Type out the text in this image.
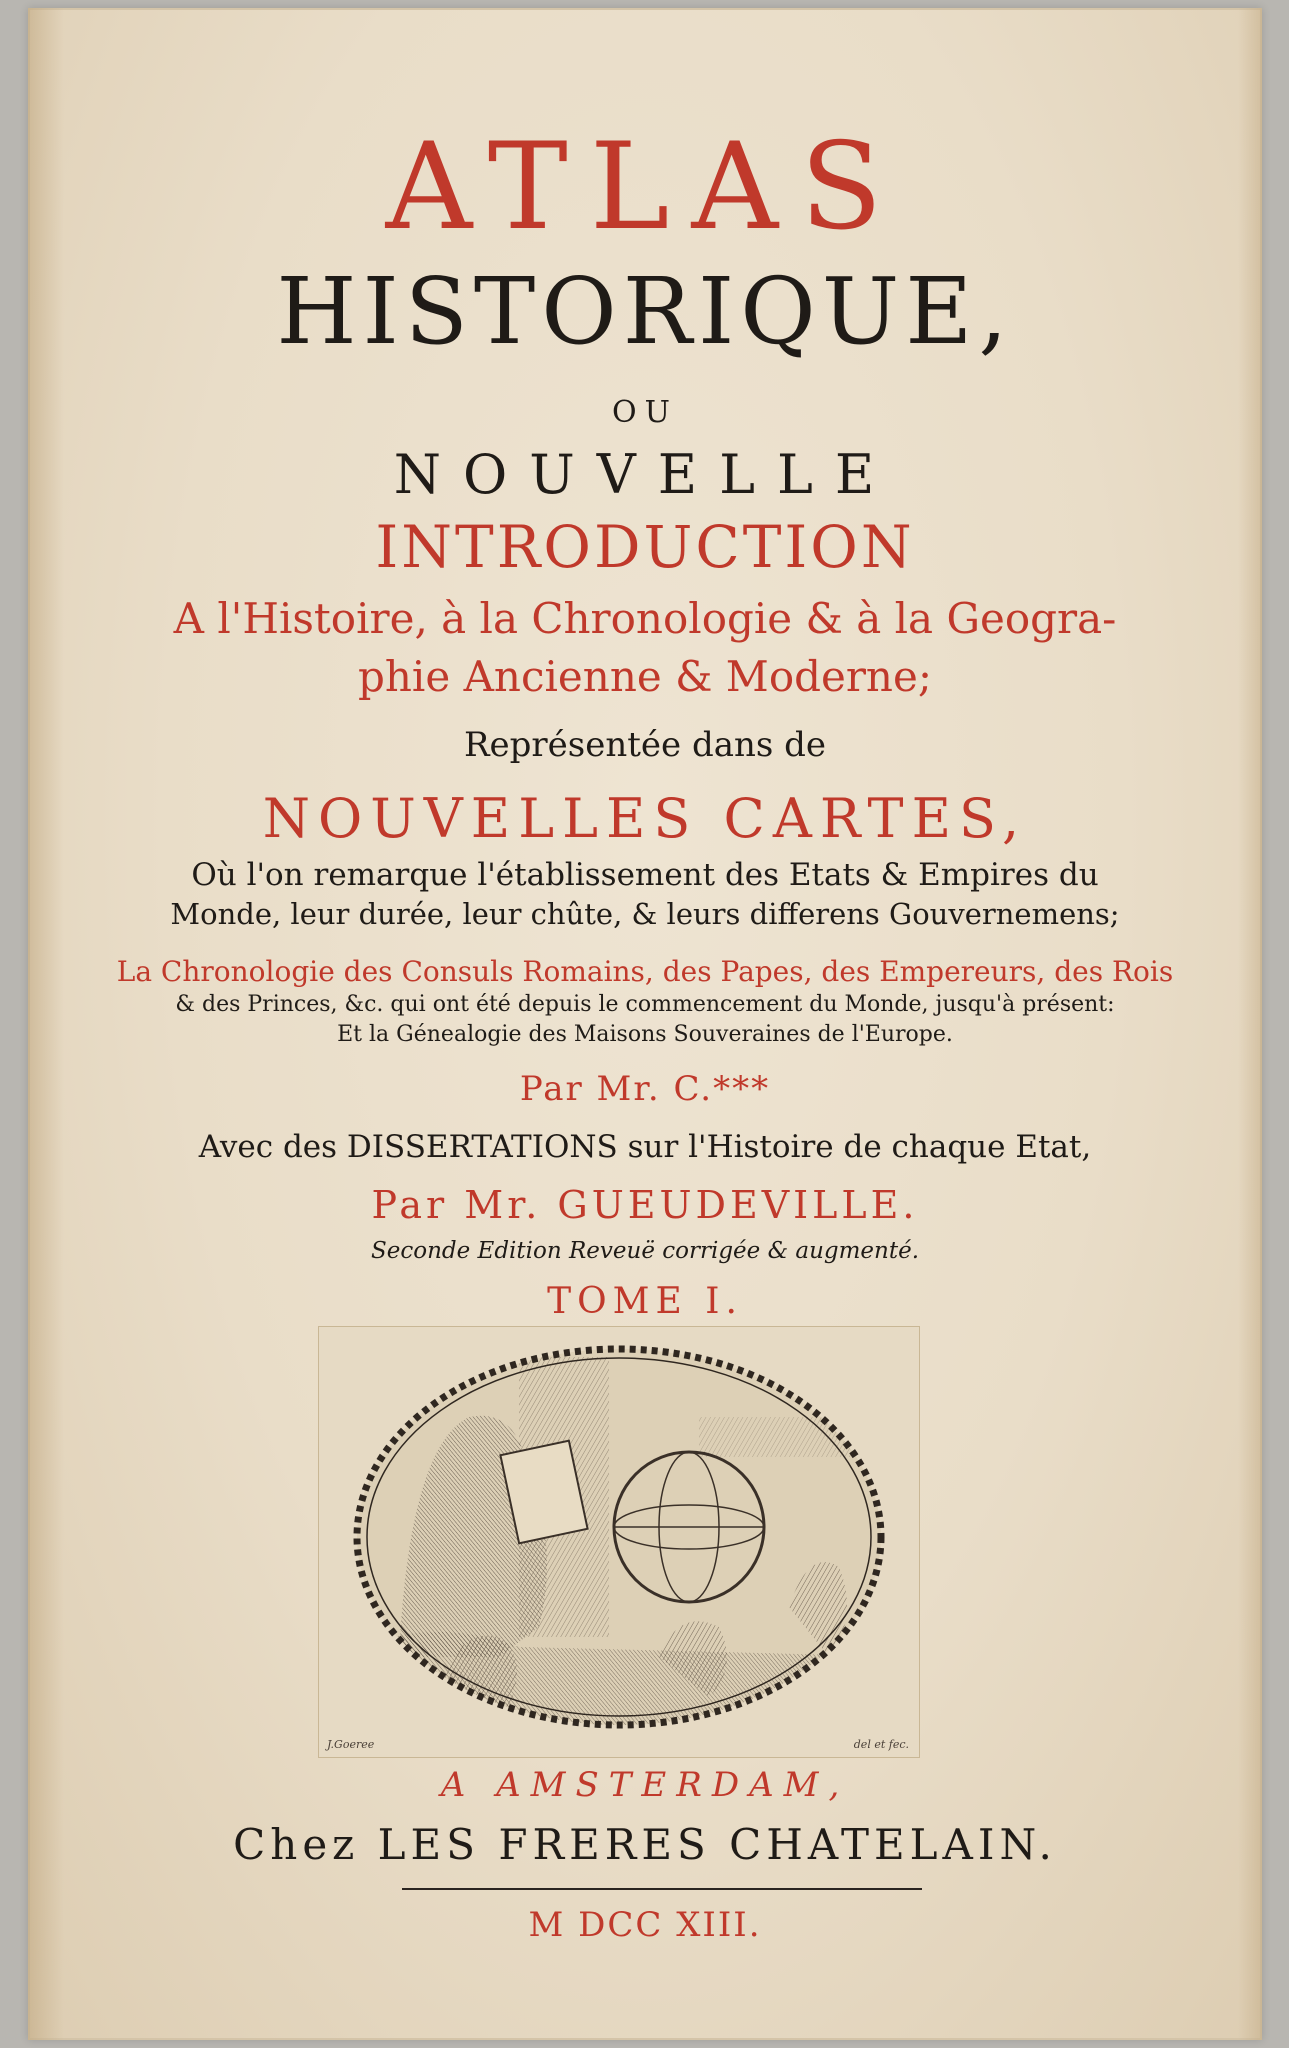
ATLAS
HISTORIQUE,
OU
NOUVELLE
INTRODUCTION
A l'Histoire, à la Chronologie & à la Geogra-
phie Ancienne & Moderne;
Représentée dans de
NOUVELLES CARTES,
Où l'on remarque l'établissement des Etats & Empires du
Monde, leur durée, leur chûte, & leurs differens Gouvernemens;
La Chronologie des Consuls Romains, des Papes, des Empereurs, des Rois
& des Princes, &c. qui ont été depuis le commencement du Monde, jusqu'à présent:
Et la Génealogie des Maisons Souveraines de l'Europe.
Par Mr. C.***
Avec des DISSERTATIONS sur l'Histoire de chaque Etat,
Par Mr. GUEUDEVILLE.
Seconde Edition Reveuë corrigée & augmenté.
TOME I.
J.Goeree	del et fec.
A AMSTERDAM,
Chez LES FRERES CHATELAIN.
M DCC XIII.
